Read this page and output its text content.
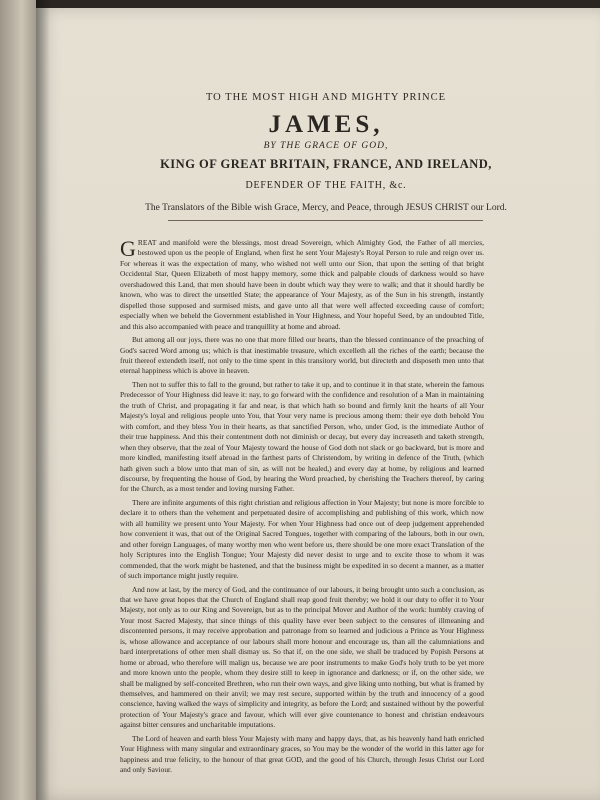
TO THE MOST HIGH AND MIGHTY PRINCE

JAMES,

BY THE GRACE OF GOD,

KING OF GREAT BRITAIN, FRANCE, AND IRELAND,

DEFENDER OF THE FAITH, &c.

The Translators of the Bible wish Grace, Mercy, and Peace, through JESUS CHRIST our Lord.

GREAT and manifold were the blessings, most dread Sovereign, which Almighty God, the Father of all mercies, bestowed upon us the people of England, when first he sent Your Majesty's Royal Person to rule and reign over us. For whereas it was the expectation of many, who wished not well unto our Sion, that upon the setting of that bright Occidental Star, Queen Elizabeth of most happy memory, some thick and palpable clouds of darkness would so have overshadowed this Land, that men should have been in doubt which way they were to walk; and that it should hardly be known, who was to direct the unsettled State; the appearance of Your Majesty, as of the Sun in his strength, instantly dispelled those supposed and surmised mists, and gave unto all that were well affected exceeding cause of comfort; especially when we beheld the Government established in Your Highness, and Your hopeful Seed, by an undoubted Title, and this also accompanied with peace and tranquillity at home and abroad.

But among all our joys, there was no one that more filled our hearts, than the blessed continuance of the preaching of God's sacred Word among us; which is that inestimable treasure, which excelleth all the riches of the earth; because the fruit thereof extendeth itself, not only to the time spent in this transitory world, but directeth and disposeth men unto that eternal happiness which is above in heaven.

Then not to suffer this to fall to the ground, but rather to take it up, and to continue it in that state, wherein the famous Predecessor of Your Highness did leave it: nay, to go forward with the confidence and resolution of a Man in maintaining the truth of Christ, and propagating it far and near, is that which hath so bound and firmly knit the hearts of all Your Majesty's loyal and religious people unto You, that Your very name is precious among them: their eye doth behold You with comfort, and they bless You in their hearts, as that sanctified Person, who, under God, is the immediate Author of their true happiness. And this their contentment doth not diminish or decay, but every day increaseth and taketh strength, when they observe, that the zeal of Your Majesty toward the house of God doth not slack or go backward, but is more and more kindled, manifesting itself abroad in the farthest parts of Christendom, by writing in defence of the Truth, (which hath given such a blow unto that man of sin, as will not be healed,) and every day at home, by religious and learned discourse, by frequenting the house of God, by hearing the Word preached, by cherishing the Teachers thereof, by caring for the Church, as a most tender and loving nursing Father.

There are infinite arguments of this right christian and religious affection in Your Majesty; but none is more forcible to declare it to others than the vehement and perpetuated desire of accomplishing and publishing of this work, which now with all humility we present unto Your Majesty. For when Your Highness had once out of deep judgement apprehended how convenient it was, that out of the Original Sacred Tongues, together with comparing of the labours, both in our own, and other foreign Languages, of many worthy men who went before us, there should be one more exact Translation of the holy Scriptures into the English Tongue; Your Majesty did never desist to urge and to excite those to whom it was commended, that the work might be hastened, and that the business might be expedited in so decent a manner, as a matter of such importance might justly require.

And now at last, by the mercy of God, and the continuance of our labours, it being brought unto such a conclusion, as that we have great hopes that the Church of England shall reap good fruit thereby; we hold it our duty to offer it to Your Majesty, not only as to our King and Sovereign, but as to the principal Mover and Author of the work: humbly craving of Your most Sacred Majesty, that since things of this quality have ever been subject to the censures of illmeaning and discontented persons, it may receive approbation and patronage from so learned and judicious a Prince as Your Highness is, whose allowance and acceptance of our labours shall more honour and encourage us, than all the calumniations and hard interpretations of other men shall dismay us. So that if, on the one side, we shall be traduced by Popish Persons at home or abroad, who therefore will malign us, because we are poor instruments to make God's holy truth to be yet more and more known unto the people, whom they desire still to keep in ignorance and darkness; or if, on the other side, we shall be maligned by self-conceited Brethren, who run their own ways, and give liking unto nothing, but what is framed by themselves, and hammered on their anvil; we may rest secure, supported within by the truth and innocency of a good conscience, having walked the ways of simplicity and integrity, as before the Lord; and sustained without by the powerful protection of Your Majesty's grace and favour, which will ever give countenance to honest and christian endeavours against bitter censures and uncharitable imputations.

The Lord of heaven and earth bless Your Majesty with many and happy days, that, as his heavenly hand hath enriched Your Highness with many singular and extraordinary graces, so You may be the wonder of the world in this latter age for happiness and true felicity, to the honour of that great GOD, and the good of his Church, through Jesus Christ our Lord and only Saviour.
